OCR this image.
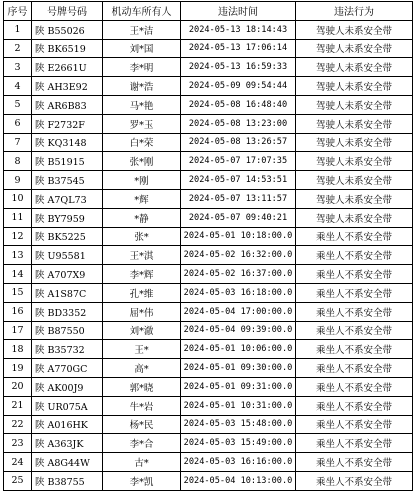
序号	号牌号码	机动车所有人	违法时间	违法行为
1	陕 B55026	王*洁	2024-05-13 18:14:43	驾驶人未系安全带
2	陕 BK6519	刘*国	2024-05-13 17:06:14	驾驶人未系安全带
3	陕 E2661U	李*明	2024-05-13 16:59:33	驾驶人未系安全带
4	陕 AH3E92	谢*浩	2024-05-09 09:54:44	驾驶人未系安全带
5	陕 AR6B83	马*艳	2024-05-08 16:48:40	驾驶人未系安全带
6	陕 F2732F	罗*玉	2024-05-08 13:23:00	驾驶人未系安全带
7	陕 KQ3148	白*荣	2024-05-08 13:26:57	驾驶人未系安全带
8	陕 B51915	张*刚	2024-05-07 17:07:35	驾驶人未系安全带
9	陕 B37545	*刚	2024-05-07 14:53:51	驾驶人未系安全带
10	陕 A7QL73	*辉	2024-05-07 13:11:57	驾驶人未系安全带
11	陕 BY7959	*静	2024-05-07 09:40:21	驾驶人未系安全带
12	陕 BK5225	张*	2024-05-01 10:18:00.0	乘坐人不系安全带
13	陕 U95581	王*淇	2024-05-02 16:32:00.0	乘坐人不系安全带
14	陕 A707X9	李*辉	2024-05-02 16:37:00.0	乘坐人不系安全带
15	陕 A1S87C	孔*维	2024-05-03 16:18:00.0	乘坐人不系安全带
16	陕 BD3352	屈*伟	2024-05-04 17:00:00.0	乘坐人不系安全带
17	陕 B87550	刘*澈	2024-05-04 09:39:00.0	乘坐人不系安全带
18	陕 B35732	王*	2024-05-01 10:06:00.0	乘坐人不系安全带
19	陕 A770GC	高*	2024-05-01 09:30:00.0	乘坐人不系安全带
20	陕 AK00J9	郭*晓	2024-05-01 09:31:00.0	乘坐人不系安全带
21	陕 UR075A	牛*岩	2024-05-01 10:31:00.0	乘坐人不系安全带
22	陕 A016HK	杨*民	2024-05-03 15:48:00.0	乘坐人不系安全带
23	陕 A363JK	李*合	2024-05-03 15:49:00.0	乘坐人不系安全带
24	陕 A8G44W	古*	2024-05-03 16:16:00.0	乘坐人不系安全带
25	陕 B38755	李*凯	2024-05-04 10:13:00.0	乘坐人不系安全带
